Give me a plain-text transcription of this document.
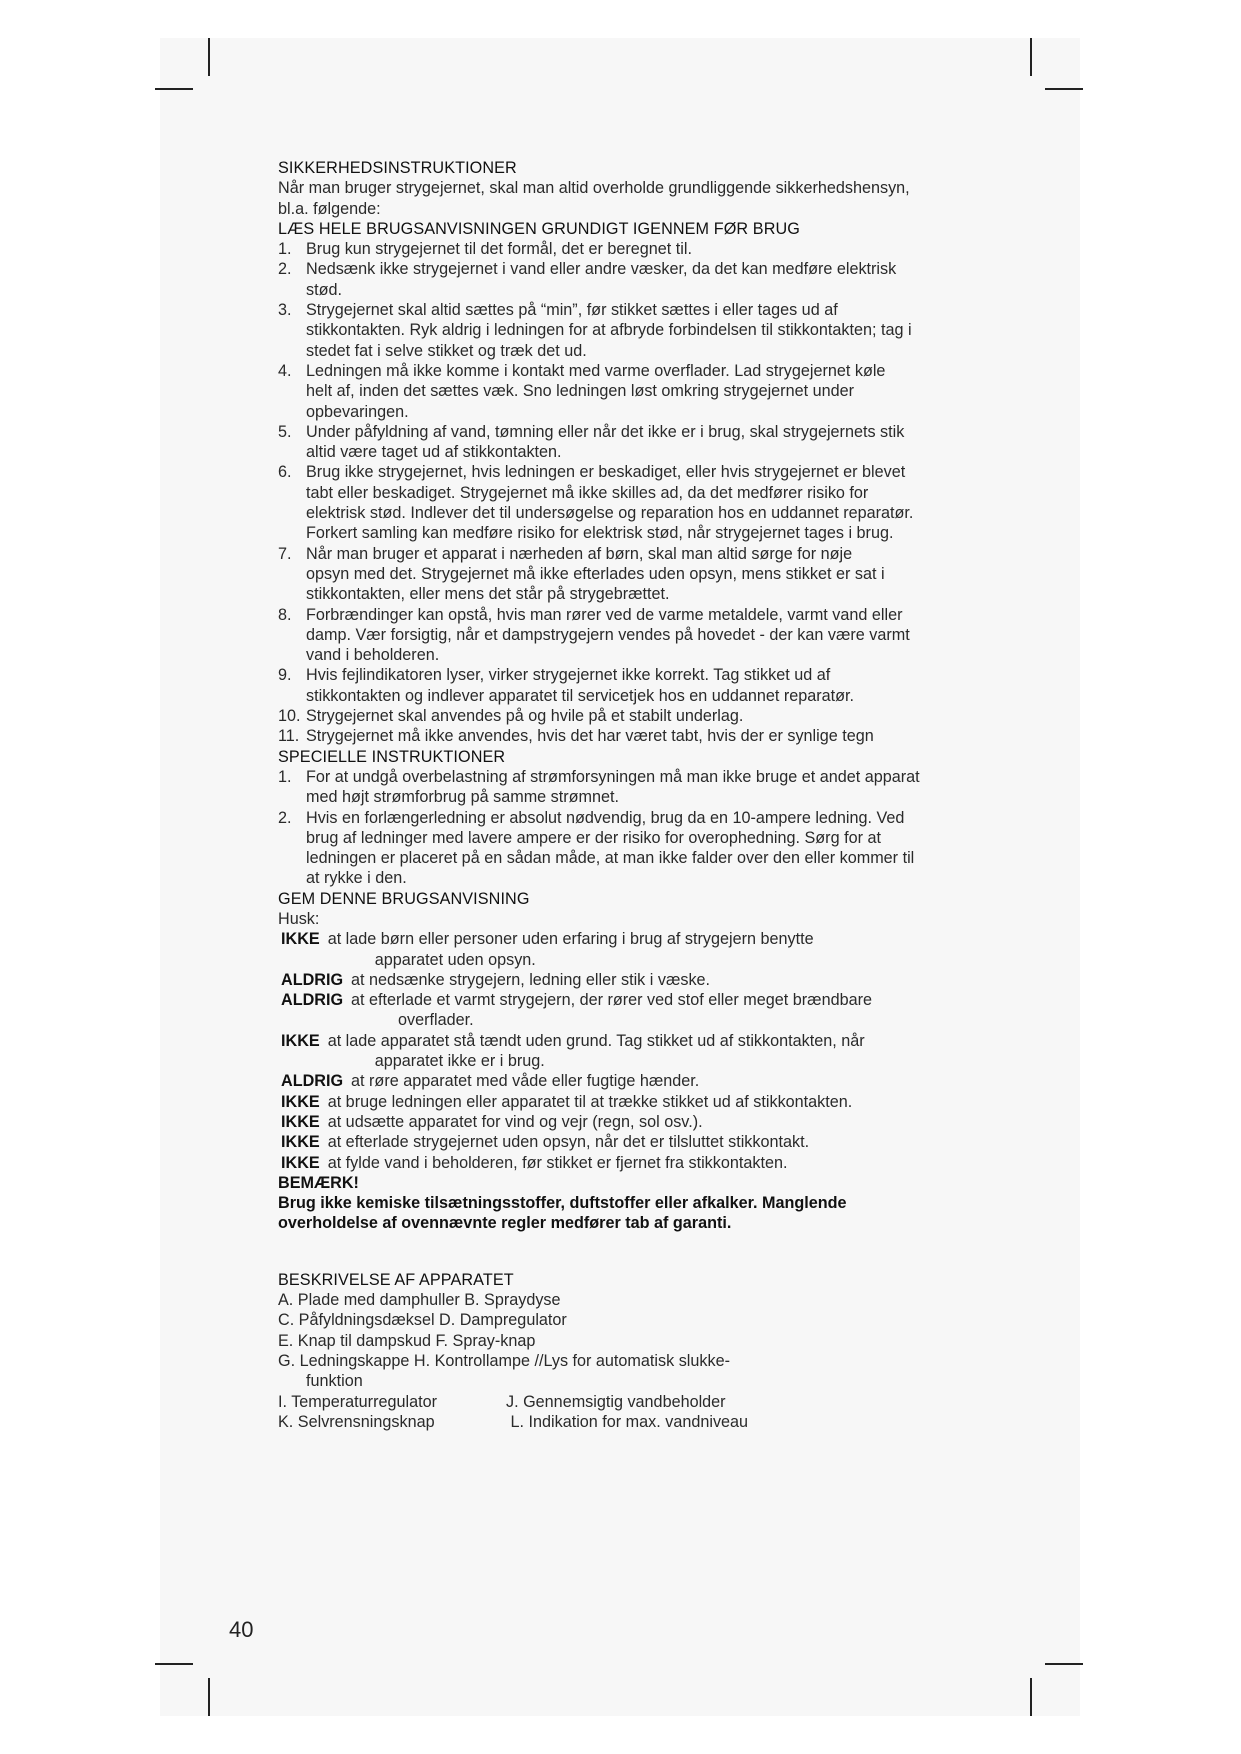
SIKKERHEDSINSTRUKTIONER
Når man bruger strygejernet, skal man altid overholde grundliggende sikkerhedshensyn,
bl.a. følgende:
LÆS HELE BRUGSANVISNINGEN GRUNDIGT IGENNEM FØR BRUG
1. Brug kun strygejernet til det formål, det er beregnet til.
2. Nedsænk ikke strygejernet i vand eller andre væsker, da det kan medføre elektrisk
stød.
3. Strygejernet skal altid sættes på “min”, før stikket sættes i eller tages ud af
stikkontakten. Ryk aldrig i ledningen for at afbryde forbindelsen til stikkontakten; tag i
stedet fat i selve stikket og træk det ud.
4. Ledningen må ikke komme i kontakt med varme overflader. Lad strygejernet køle
helt af, inden det sættes væk. Sno ledningen løst omkring strygejernet under
opbevaringen.
5. Under påfyldning af vand, tømning eller når det ikke er i brug, skal strygejernets stik
altid være taget ud af stikkontakten.
6. Brug ikke strygejernet, hvis ledningen er beskadiget, eller hvis strygejernet er blevet
tabt eller beskadiget. Strygejernet må ikke skilles ad, da det medfører risiko for
elektrisk stød. Indlever det til undersøgelse og reparation hos en uddannet reparatør.
Forkert samling kan medføre risiko for elektrisk stød, når strygejernet tages i brug.
7. Når man bruger et apparat i nærheden af børn, skal man altid sørge for nøje
opsyn med det. Strygejernet må ikke efterlades uden opsyn, mens stikket er sat i
stikkontakten, eller mens det står på strygebrættet.
8. Forbrændinger kan opstå, hvis man rører ved de varme metaldele, varmt vand eller
damp. Vær forsigtig, når et dampstrygejern vendes på hovedet - der kan være varmt
vand i beholderen.
9. Hvis fejlindikatoren lyser, virker strygejernet ikke korrekt. Tag stikket ud af
stikkontakten og indlever apparatet til servicetjek hos en uddannet reparatør.
10. Strygejernet skal anvendes på og hvile på et stabilt underlag.
11. Strygejernet må ikke anvendes, hvis det har været tabt, hvis der er synlige tegn
SPECIELLE INSTRUKTIONER
1. For at undgå overbelastning af strømforsyningen må man ikke bruge et andet apparat
med højt strømforbrug på samme strømnet.
2. Hvis en forlængerledning er absolut nødvendig, brug da en 10-ampere ledning. Ved
brug af ledninger med lavere ampere er der risiko for overophedning. Sørg for at
ledningen er placeret på en sådan måde, at man ikke falder over den eller kommer til
at rykke i den.
GEM DENNE BRUGSANVISNING
Husk:
IKKE at lade børn eller personer uden erfaring i brug af strygejern benytte
apparatet uden opsyn.
ALDRIG at nedsænke strygejern, ledning eller stik i væske.
ALDRIG at efterlade et varmt strygejern, der rører ved stof eller meget brændbare
overflader.
IKKE at lade apparatet stå tændt uden grund. Tag stikket ud af stikkontakten, når
apparatet ikke er i brug.
ALDRIG at røre apparatet med våde eller fugtige hænder.
IKKE at bruge ledningen eller apparatet til at trække stikket ud af stikkontakten.
IKKE at udsætte apparatet for vind og vejr (regn, sol osv.).
IKKE at efterlade strygejernet uden opsyn, når det er tilsluttet stikkontakt.
IKKE at fylde vand i beholderen, før stikket er fjernet fra stikkontakten.
BEMÆRK!
Brug ikke kemiske tilsætningsstoffer, duftstoffer eller afkalker. Manglende
overholdelse af ovennævnte regler medfører tab af garanti.
BESKRIVELSE AF APPARATET
A. Plade med damphuller B. Spraydyse
C. Påfyldningsdæksel D. Dampregulator
E. Knap til dampskud F. Spray-knap
G. Ledningskappe H. Kontrollampe //Lys for automatisk slukke-
funktion
I. Temperaturregulator	J. Gennemsigtig vandbeholder
K. Selvrensningsknap	L. Indikation for max. vandniveau
40
